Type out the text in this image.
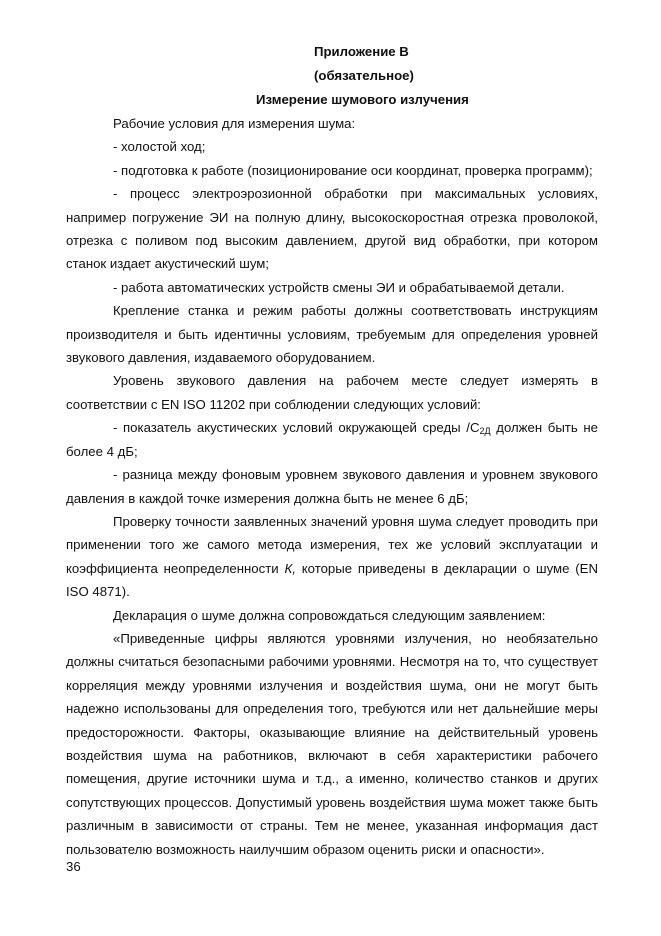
Приложение В
(обязательное)
Измерение шумового излучения

Рабочие условия для измерения шума:

- холостой ход;

- подготовка к работе (позиционирование оси координат, проверка программ);

- процесс электроэрозионной обработки при максимальных условиях, например погружение ЭИ на полную длину, высокоскоростная отрезка проволокой, отрезка с поливом под высоким давлением, другой вид обработки, при котором станок издает акустический шум;

- работа автоматических устройств смены ЭИ и обрабатываемой детали.

Крепление станка и режим работы должны соответствовать инструкциям производителя и быть идентичны условиям, требуемым для определения уровней звукового давления, издаваемого оборудованием.

Уровень звукового давления на рабочем месте следует измерять в соответствии с EN ISO 11202 при соблюдении следующих условий:

- показатель акустических условий окружающей среды $/С_{2Д}$ должен быть не более 4 дБ;

- разница между фоновым уровнем звукового давления и уровнем звукового давления в каждой точке измерения должна быть не менее 6 дБ;

Проверку точности заявленных значений уровня шума следует проводить при применении того же самого метода измерения, тех же условий эксплуатации и коэффициента неопределенности К, которые приведены в декларации о шуме (EN ISO 4871).

Декларация о шуме должна сопровождаться следующим заявлением:

«Приведенные цифры являются уровнями излучения, но необязательно должны считаться безопасными рабочими уровнями. Несмотря на то, что существует корреляция между уровнями излучения и воздействия шума, они не могут быть надежно использованы для определения того, требуются или нет дальнейшие меры предосторожности. Факторы, оказывающие влияние на действительный уровень воздействия шума на работников, включают в себя характеристики рабочего помещения, другие источники шума и т.д., а именно, количество станков и других сопутствующих процессов. Допустимый уровень воздействия шума может также быть различным в зависимости от страны. Тем не менее, указанная информация даст пользователю возможность наилучшим образом оценить риски и опасности».

36
